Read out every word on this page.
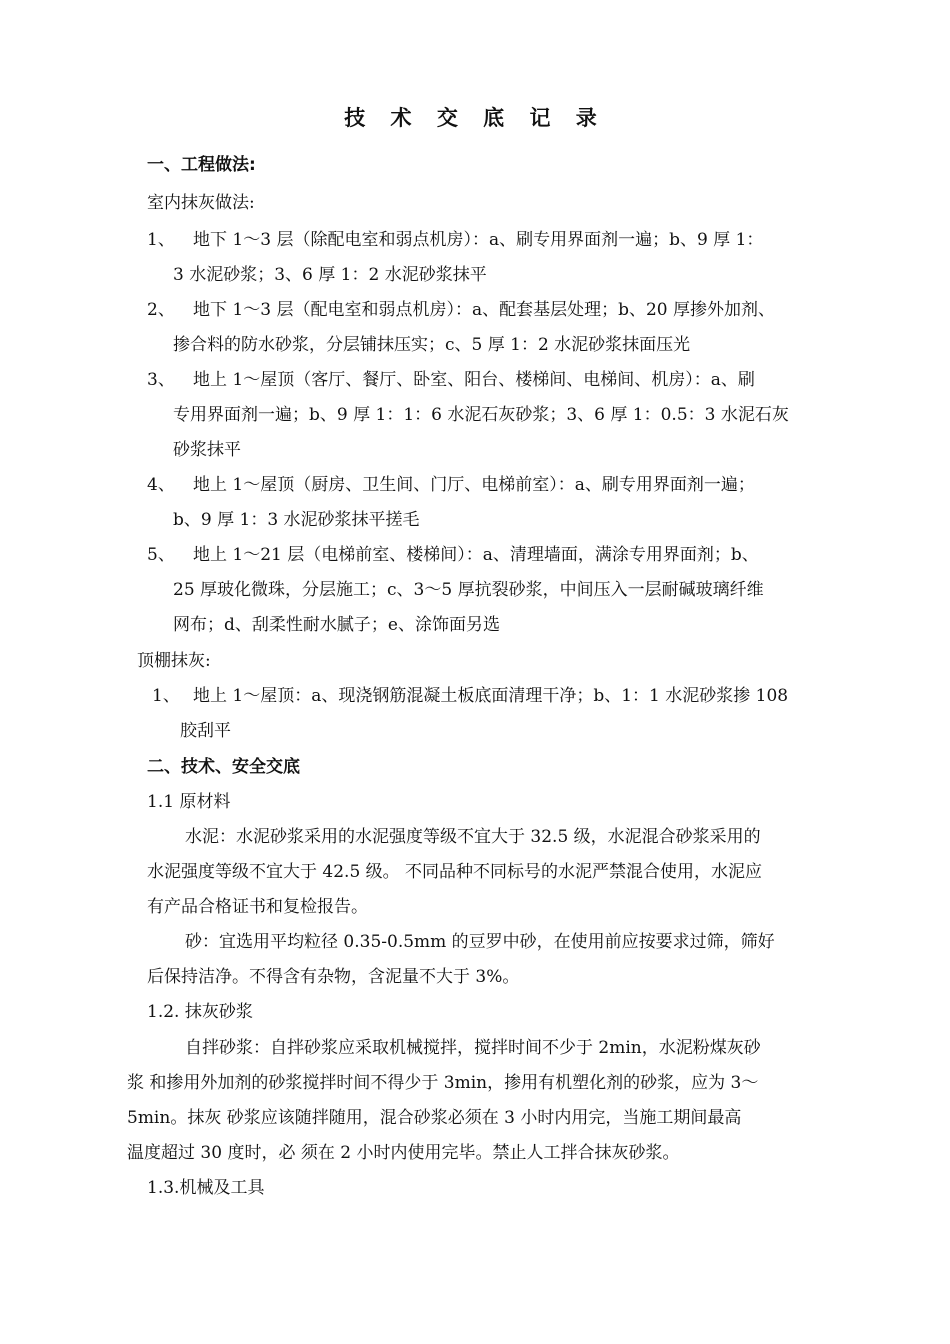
技 术 交 底 记 录
一、工程做法:
室内抹灰做法:
1、 地下 1～3 层（除配电室和弱点机房）：a、刷专用界面剂一遍；b、9 厚 1：
3 水泥砂浆；3、6 厚 1：2 水泥砂浆抹平
2、 地下 1～3 层（配电室和弱点机房）：a、配套基层处理；b、20 厚掺外加剂、
掺合料的防水砂浆，分层铺抹压实；c、5 厚 1：2 水泥砂浆抹面压光
3、 地上 1～屋顶（客厅、餐厅、卧室、阳台、楼梯间、电梯间、机房）：a、刷
专用界面剂一遍；b、9 厚 1：1：6 水泥石灰砂浆；3、6 厚 1：0.5：3 水泥石灰
砂浆抹平
4、 地上 1～屋顶（厨房、卫生间、门厅、电梯前室）：a、刷专用界面剂一遍；
b、9 厚 1：3 水泥砂浆抹平搓毛
5、 地上 1～21 层（电梯前室、楼梯间）：a、清理墙面，满涂专用界面剂；b、
25 厚玻化微珠，分层施工；c、3～5 厚抗裂砂浆，中间压入一层耐碱玻璃纤维
网布；d、刮柔性耐水腻子；e、涂饰面另选
顶棚抹灰:
1、 地上 1～屋顶：a、现浇钢筋混凝土板底面清理干净；b、1：1 水泥砂浆掺 108
胶刮平
二、技术、安全交底
1.1 原材料
水泥：水泥砂浆采用的水泥强度等级不宜大于 32.5 级，水泥混合砂浆采用的
水泥强度等级不宜大于 42.5 级。 不同品种不同标号的水泥严禁混合使用，水泥应
有产品合格证书和复检报告。
砂：宜选用平均粒径 0.35-0.5mm 的豆罗中砂，在使用前应按要求过筛，筛好
后保持洁净。不得含有杂物，含泥量不大于 3%。
1.2. 抹灰砂浆
自拌砂浆：自拌砂浆应采取机械搅拌，搅拌时间不少于 2min，水泥粉煤灰砂
浆 和掺用外加剂的砂浆搅拌时间不得少于 3min，掺用有机塑化剂的砂浆，应为 3～
5min。抹灰 砂浆应该随拌随用，混合砂浆必须在 3 小时内用完，当施工期间最高
温度超过 30 度时，必 须在 2 小时内使用完毕。禁止人工拌合抹灰砂浆。
1.3.机械及工具
